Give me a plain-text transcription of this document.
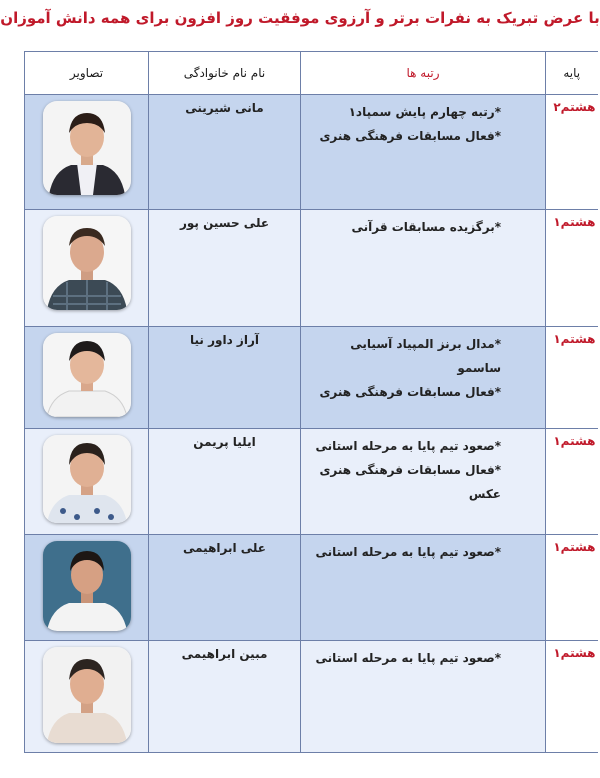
با عرض تبریک به نفرات برتر و آرزوی موفقیت روز افزون برای همه دانش آموزان
تصاویر	نام نام خانوادگی	رتبه ها	پایه

	مانی شیرینی	*رتبه چهارم پایش سمپاد۱
*فعال مسابقات فرهنگی هنری	هشتم۲

	علی حسین پور	*برگزیده مسابقات قرآنی	هشتم۱

	آراز داور نیا	*مدال برنز المپیاد آسیایی ساسمو
*فعال مسابقات فرهنگی هنری	هشتم۱

	ایلیا پریمن	*صعود تیم پایا به مرحله استانی
*فعال مسابقات فرهنگی هنری عکس	هشتم۱

	علی ابراهیمی	*صعود تیم پایا به مرحله استانی	هشتم۱

	مبین ابراهیمی	*صعود تیم پایا به مرحله استانی	هشتم۱
